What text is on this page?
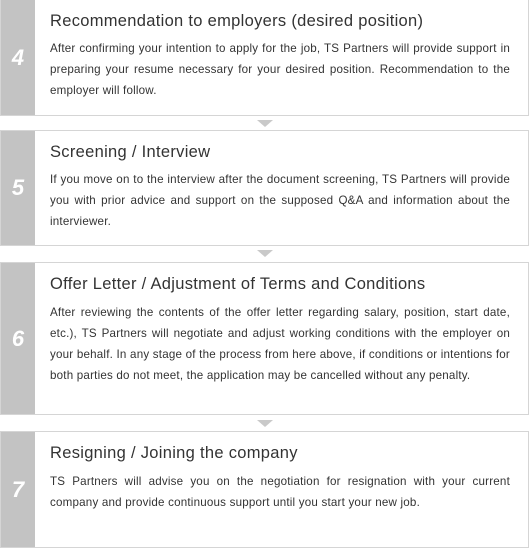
4
Recommendation to employers (desired position)

After confirming your intention to apply for the job, TS Partners will provide support in preparing your resume necessary for your desired position. Recommendation to the employer will follow.

5
Screening / Interview

If you move on to the interview after the document screening, TS Partners will provide you with prior advice and support on the supposed Q&A and information about the interviewer.

6
Offer Letter / Adjustment of Terms and Conditions

After reviewing the contents of the offer letter regarding salary, position, start date, etc.), TS Partners will negotiate and adjust working conditions with the employer on your behalf. In any stage of the process from here above, if conditions or intentions for both parties do not meet, the application may be cancelled without any penalty.

7
Resigning / Joining the company

TS Partners will advise you on the negotiation for resignation with your current company and provide continuous support until you start your new job.
